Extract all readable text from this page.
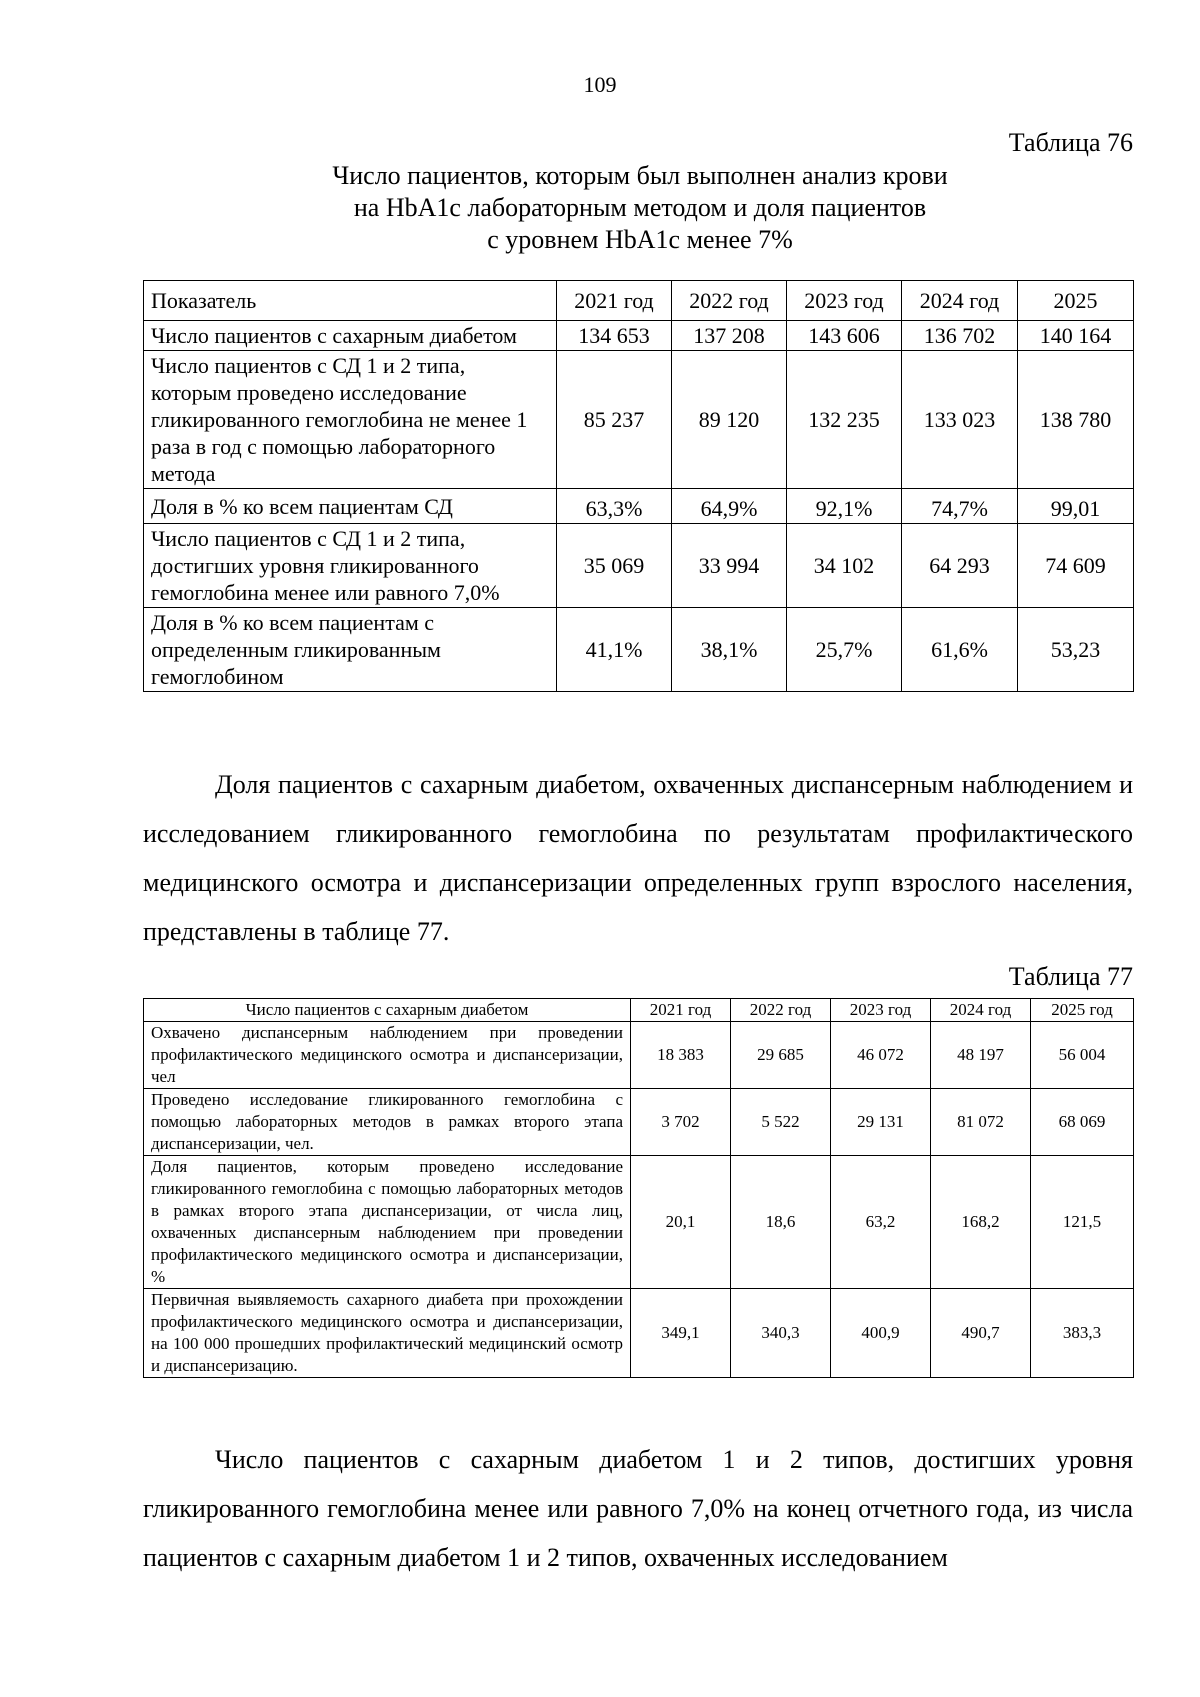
109
Таблица 76
Число пациентов, которым был выполнен анализ крови
на HbA1c лабораторным методом и доля пациентов
с уровнем HbA1c менее 7%
Показатель	2021 год	2022 год	2023 год	2024 год	2025
Число пациентов с сахарным диабетом	134 653	137 208	143 606	136 702	140 164
Число пациентов с СД 1 и 2 типа, которым проведено исследование гликированного гемоглобина не менее 1 раза в год с помощью лабораторного метода	85 237	89 120	132 235	133 023	138 780
Доля в % ко всем пациентам СД	63,3%	64,9%	92,1%	74,7%	99,01
Число пациентов с СД 1 и 2 типа, достигших уровня гликированного гемоглобина менее или равного 7,0%	35 069	33 994	34 102	64 293	74 609
Доля в % ко всем пациентам с определенным гликированным гемоглобином	41,1%	38,1%	25,7%	61,6%	53,23

Доля пациентов с сахарным диабетом, охваченных диспансерным наблюдением и исследованием гликированного гемоглобина по результатам профилактического медицинского осмотра и диспансеризации определенных групп взрослого населения, представлены в таблице 77.

Таблица 77
Число пациентов с сахарным диабетом	2021 год	2022 год	2023 год	2024 год	2025 год
Охвачено диспансерным наблюдением при проведении профилактического медицинского осмотра и диспансеризации, чел	18 383	29 685	46 072	48 197	56 004
Проведено исследование гликированного гемоглобина с помощью лабораторных методов в рамках второго этапа диспансеризации, чел.	3 702	5 522	29 131	81 072	68 069
Доля пациентов, которым проведено исследование гликированного гемоглобина с помощью лабораторных методов в рамках второго этапа диспансеризации, от числа лиц, охваченных диспансерным наблюдением при проведении профилактического медицинского осмотра и диспансеризации, %	20,1	18,6	63,2	168,2	121,5
Первичная выявляемость сахарного диабета при прохождении профилактического медицинского осмотра и диспансеризации, на 100 000 прошедших профилактический медицинский осмотр и диспансеризацию.	349,1	340,3	400,9	490,7	383,3

Число пациентов с сахарным диабетом 1 и 2 типов, достигших уровня гликированного гемоглобина менее или равного 7,0% на конец отчетного года, из числа пациентов с сахарным диабетом 1 и 2 типов, охваченных исследованием
